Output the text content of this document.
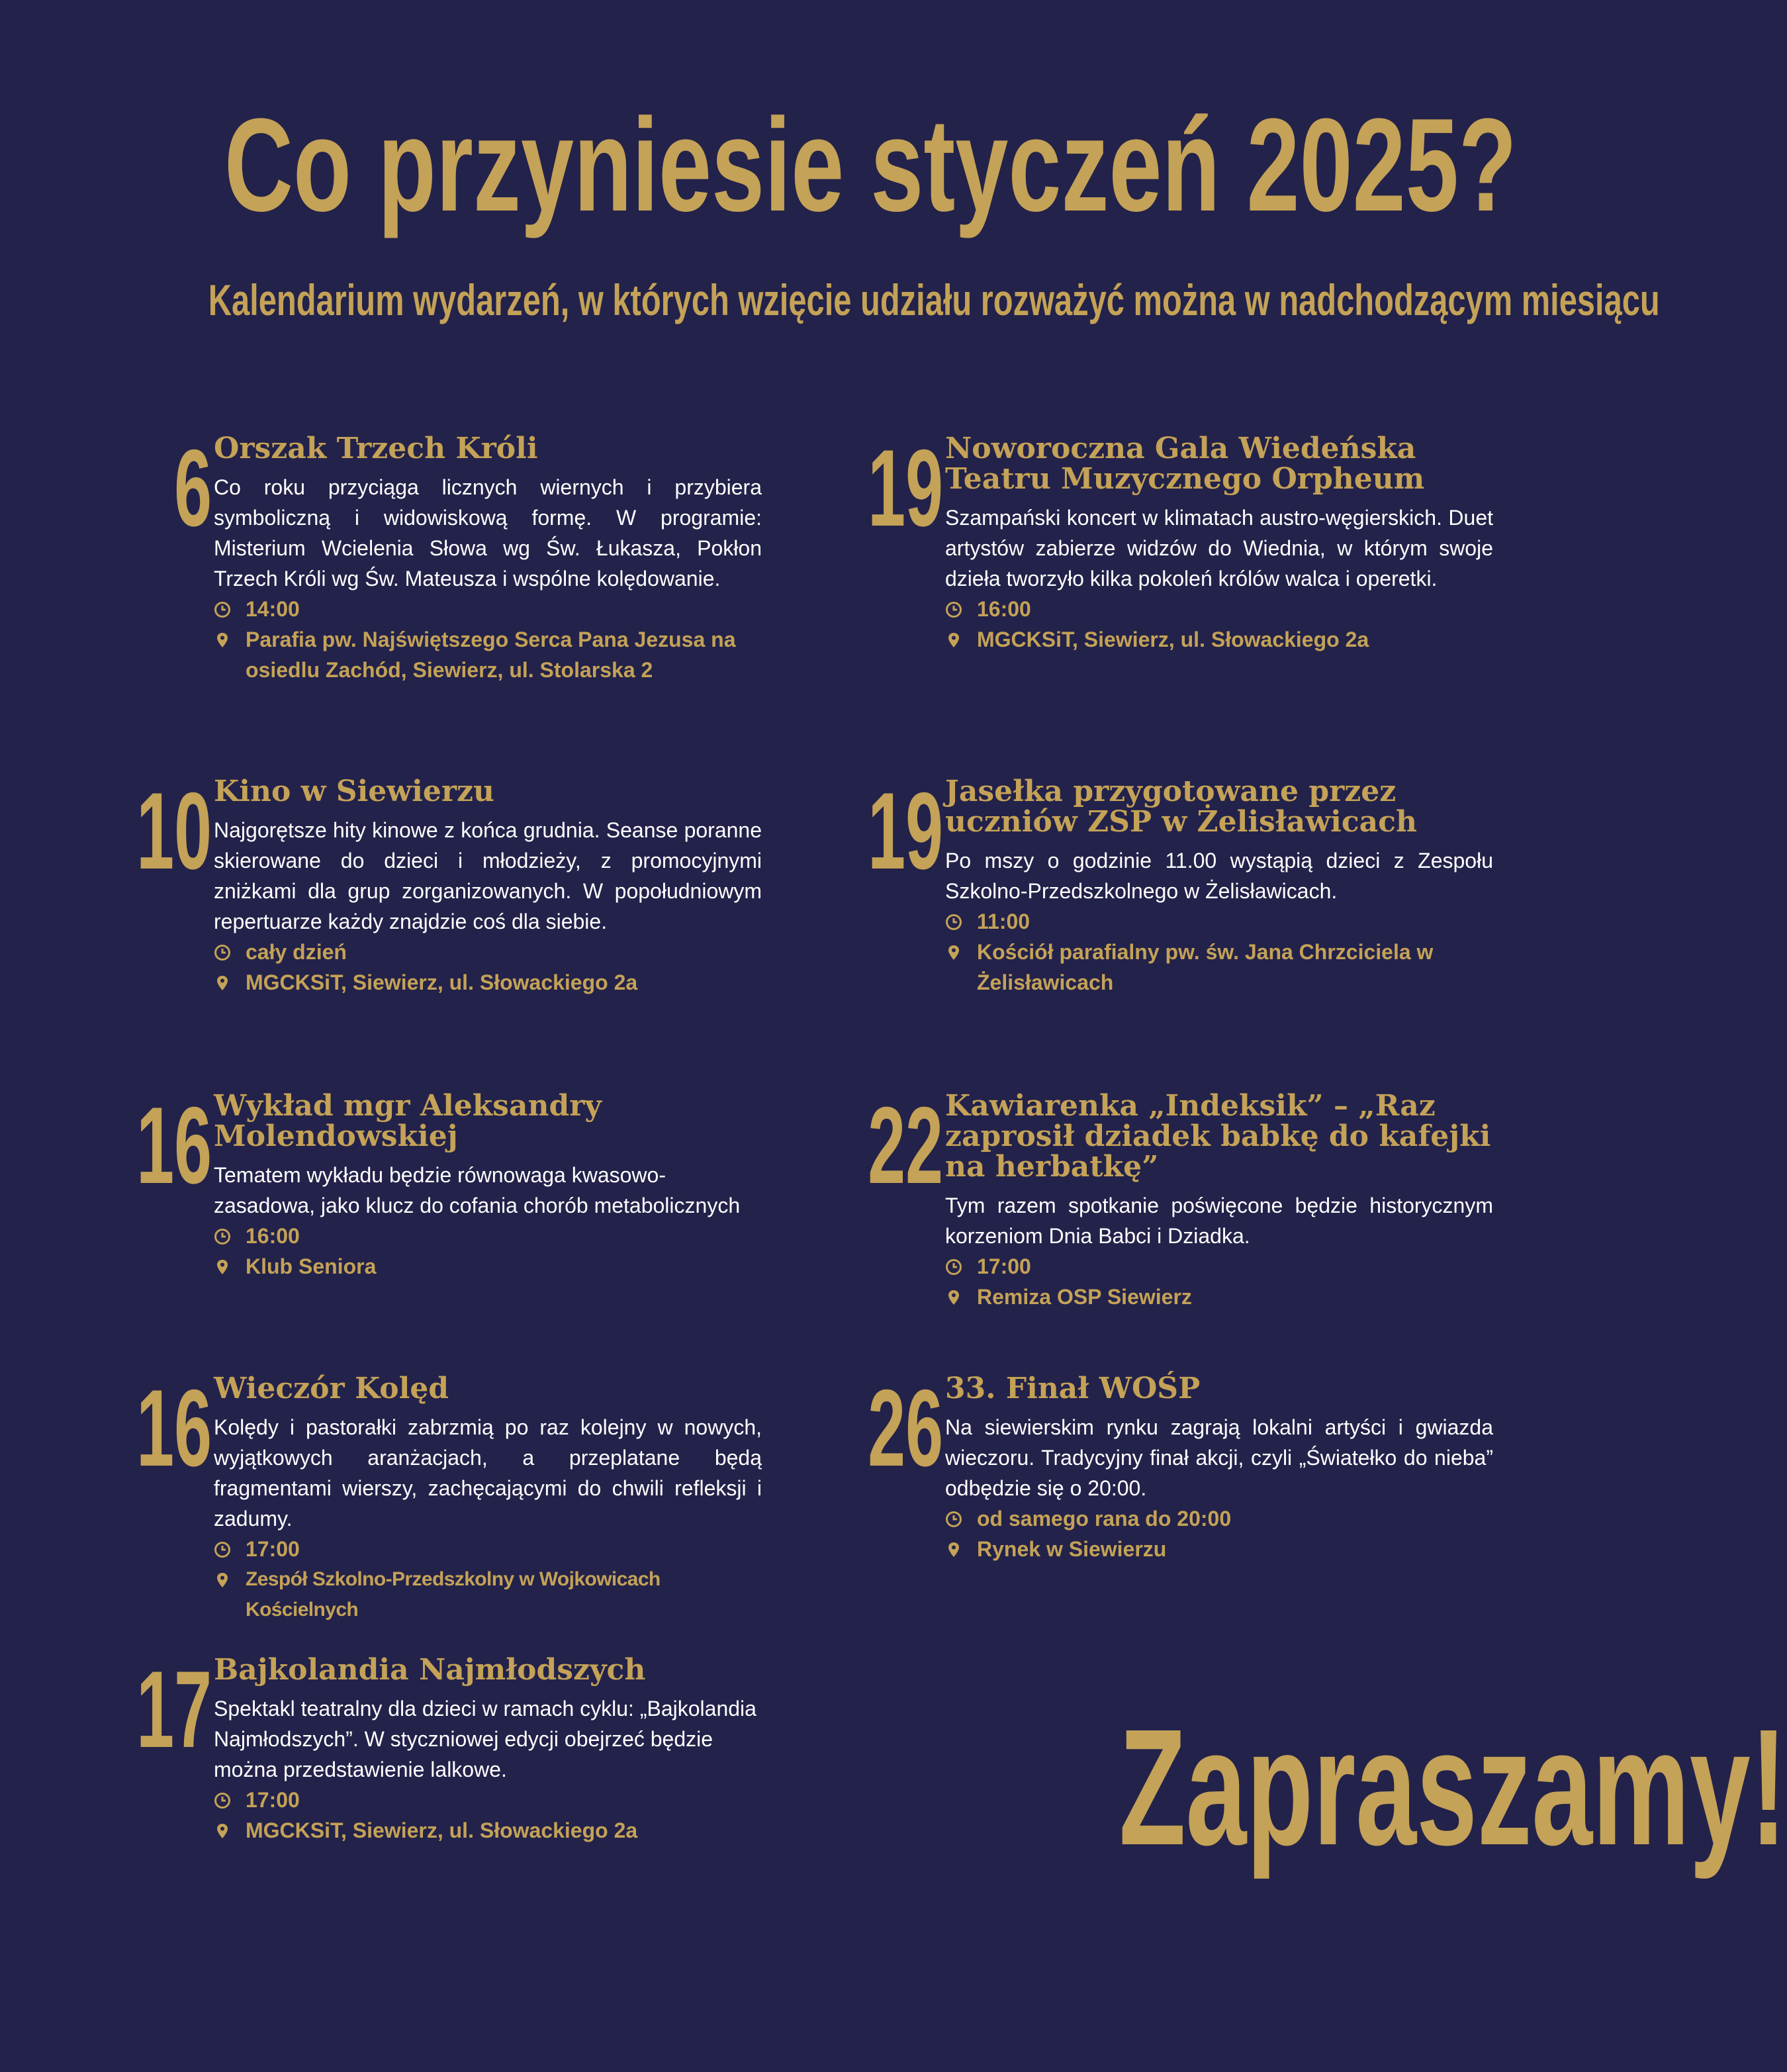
Co przyniesie styczeń 2025?
Kalendarium wydarzeń, w których wzięcie udziału rozważyć można w nadchodzącym miesiącu
6 Orszak Trzech Króli
Co roku przyciąga licznych wiernych i przybiera symboliczną i widowiskową formę. W programie: Misterium Wcielenia Słowa wg Św. Łukasza, Pokłon Trzech Króli wg Św. Mateusza i wspólne kolędowanie.
14:00
Parafia pw. Najświętszego Serca Pana Jezusa na osiedlu Zachód, Siewierz, ul. Stolarska 2
10 Kino w Siewierzu
Najgorętsze hity kinowe z końca grudnia. Seanse poranne skierowane do dzieci i młodzieży, z promocyjnymi zniżkami dla grup zorganizowanych. W popołudniowym repertuarze każdy znajdzie coś dla siebie.
cały dzień
MGCKSiT, Siewierz, ul. Słowackiego 2a
16 Wykład mgr Aleksandry Molendowskiej
Tematem wykładu będzie równowaga kwasowo-zasadowa, jako klucz do cofania chorób metabolicznych
16:00
Klub Seniora
16 Wieczór Kolęd
Kolędy i pastorałki zabrzmią po raz kolejny w nowych, wyjątkowych aranżacjach, a przeplatane będą fragmentami wierszy, zachęcającymi do chwili refleksji i zadumy.
17:00
Zespół Szkolno-Przedszkolny w Wojkowicach Kościelnych
17 Bajkolandia Najmłodszych
Spektakl teatralny dla dzieci w ramach cyklu: „Bajkolandia Najmłodszych”. W styczniowej edycji obejrzeć będzie można przedstawienie lalkowe.
17:00
MGCKSiT, Siewierz, ul. Słowackiego 2a
19 Noworoczna Gala Wiedeńska Teatru Muzycznego Orpheum
Szampański koncert w klimatach austro-węgierskich. Duet artystów zabierze widzów do Wiednia, w którym swoje dzieła tworzyło kilka pokoleń królów walca i operetki.
16:00
MGCKSiT, Siewierz, ul. Słowackiego 2a
19 Jasełka przygotowane przez uczniów ZSP w Żelisławicach
Po mszy o godzinie 11.00 wystąpią dzieci z Zespołu Szkolno-Przedszkolnego w Żelisławicach.
11:00
Kościół parafialny pw. św. Jana Chrzciciela w Żelisławicach
22 Kawiarenka „Indeksik” – „Raz zaprosił dziadek babkę do kafejki na herbatkę”
Tym razem spotkanie poświęcone będzie historycznym korzeniom Dnia Babci i Dziadka.
17:00
Remiza OSP Siewierz
26 33. Finał WOŚP
Na siewierskim rynku zagrają lokalni artyści i gwiazda wieczoru. Tradycyjny finał akcji, czyli „Światełko do nieba” odbędzie się o 20:00.
od samego rana do 20:00
Rynek w Siewierzu
Zapraszamy!
